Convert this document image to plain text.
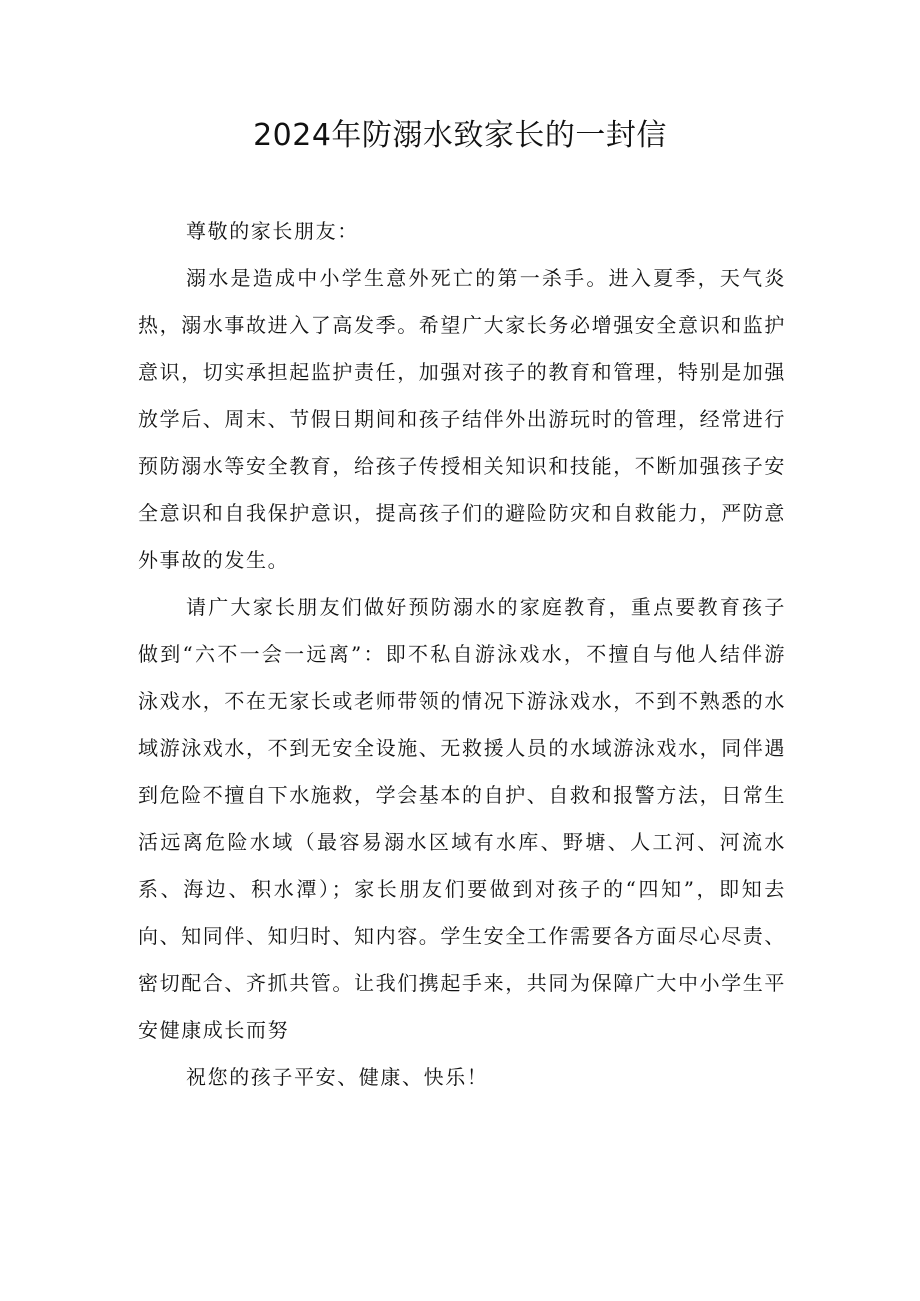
2024年防溺水致家长的一封信

尊敬的家长朋友：

溺水是造成中小学生意外死亡的第一杀手。进入夏季，天气炎热，溺水事故进入了高发季。希望广大家长务必增强安全意识和监护意识，切实承担起监护责任，加强对孩子的教育和管理，特别是加强放学后、周末、节假日期间和孩子结伴外出游玩时的管理，经常进行预防溺水等安全教育，给孩子传授相关知识和技能，不断加强孩子安全意识和自我保护意识，提高孩子们的避险防灾和自救能力，严防意外事故的发生。

请广大家长朋友们做好预防溺水的家庭教育，重点要教育孩子做到“六不一会一远离”：即不私自游泳戏水，不擅自与他人结伴游泳戏水，不在无家长或老师带领的情况下游泳戏水，不到不熟悉的水域游泳戏水，不到无安全设施、无救援人员的水域游泳戏水，同伴遇到危险不擅自下水施救，学会基本的自护、自救和报警方法，日常生活远离危险水域（最容易溺水区域有水库、野塘、人工河、河流水系、海边、积水潭）；家长朋友们要做到对孩子的“四知”，即知去向、知同伴、知归时、知内容。学生安全工作需要各方面尽心尽责、密切配合、齐抓共管。让我们携起手来，共同为保障广大中小学生平安健康成长而努

祝您的孩子平安、健康、快乐！
